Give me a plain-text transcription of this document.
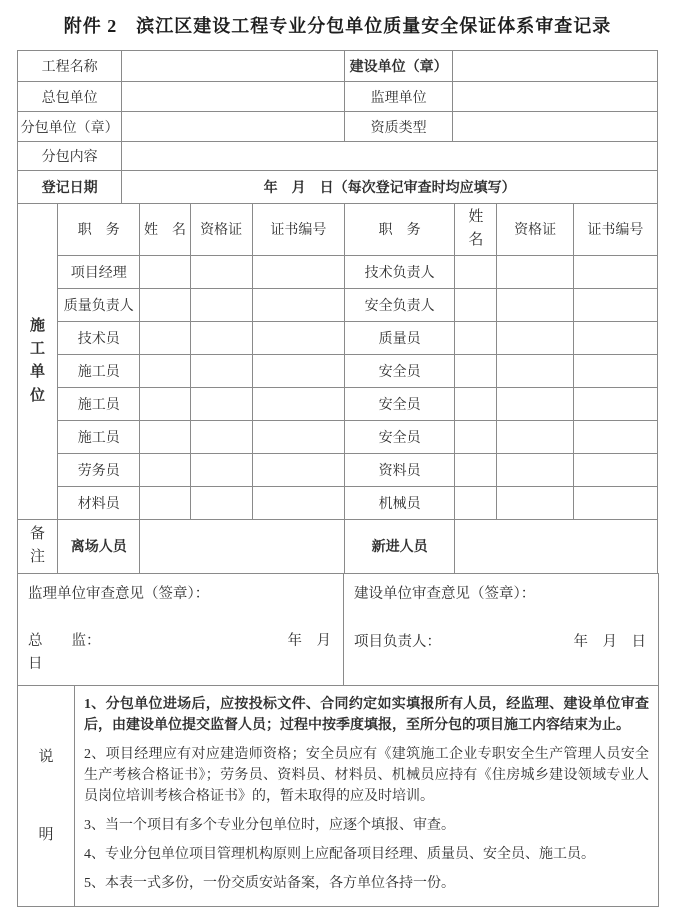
附件 2　滨江区建设工程专业分包单位质量安全保证体系审查记录
工程名称		建设单位（章）	
总包单位		监理单位	
分包单位（章）		资质类型	
分包内容			
登记日期	年　月　日（每次登记审查时均应填写）		
施工单位	职　务	姓　名	资格证	证书编号	职　务	姓名	资格证	证书编号
	项目经理				技术负责人			
	质量负责人				安全负责人			
	技术员				质量员			
	施工员				安全员			
	施工员				安全员			
	施工员				安全员			
	劳务员				资料员			
	材料员				机械员			
备注	离场人员				新进人员			
监理单位审查意见（签章）：
总　　监：	年　月
日

建设单位审查意见（签章）：
项目负责人：	年　月　日
说明	

1、分包单位进场后，应按投标文件、合同约定如实填报所有人员，经监理、建设单位审查后，由建设单位提交监督人员；过程中按季度填报，至所分包的项目施工内容结束为止。

2、项目经理应有对应建造师资格；安全员应有《建筑施工企业专职安全生产管理人员安全生产考核合格证书》；劳务员、资料员、材料员、机械员应持有《住房城乡建设领域专业人员岗位培训考核合格证书》的，暂未取得的应及时培训。

3、当一个项目有多个专业分包单位时，应逐个填报、审查。

4、专业分包单位项目管理机构原则上应配备项目经理、质量员、安全员、施工员。

5、本表一式多份，一份交质安站备案，各方单位各持一份。
